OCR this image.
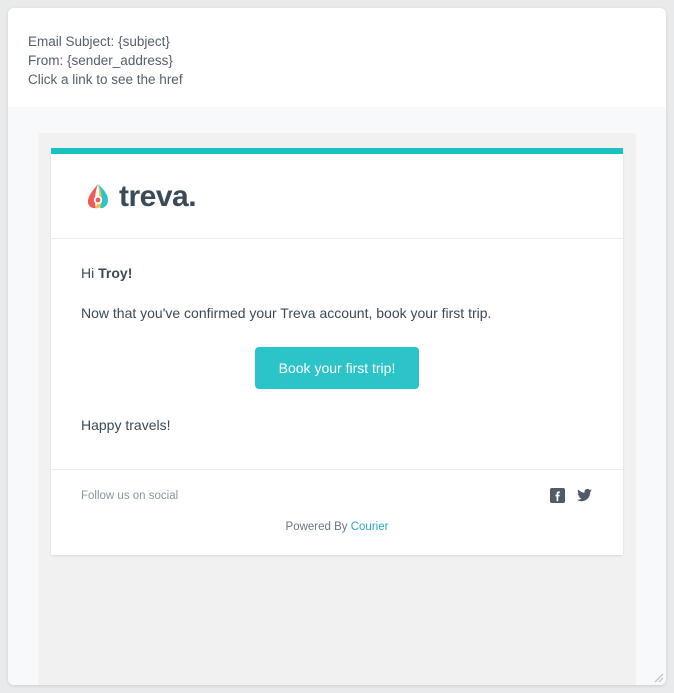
Email Subject: {subject}
From: {sender_address}
Click a link to see the href
treva.

Hi Troy!

Now that you've confirmed your Treva account, book your first trip.

Book your first trip!

Happy travels!

Follow us on social
Powered By Courier
